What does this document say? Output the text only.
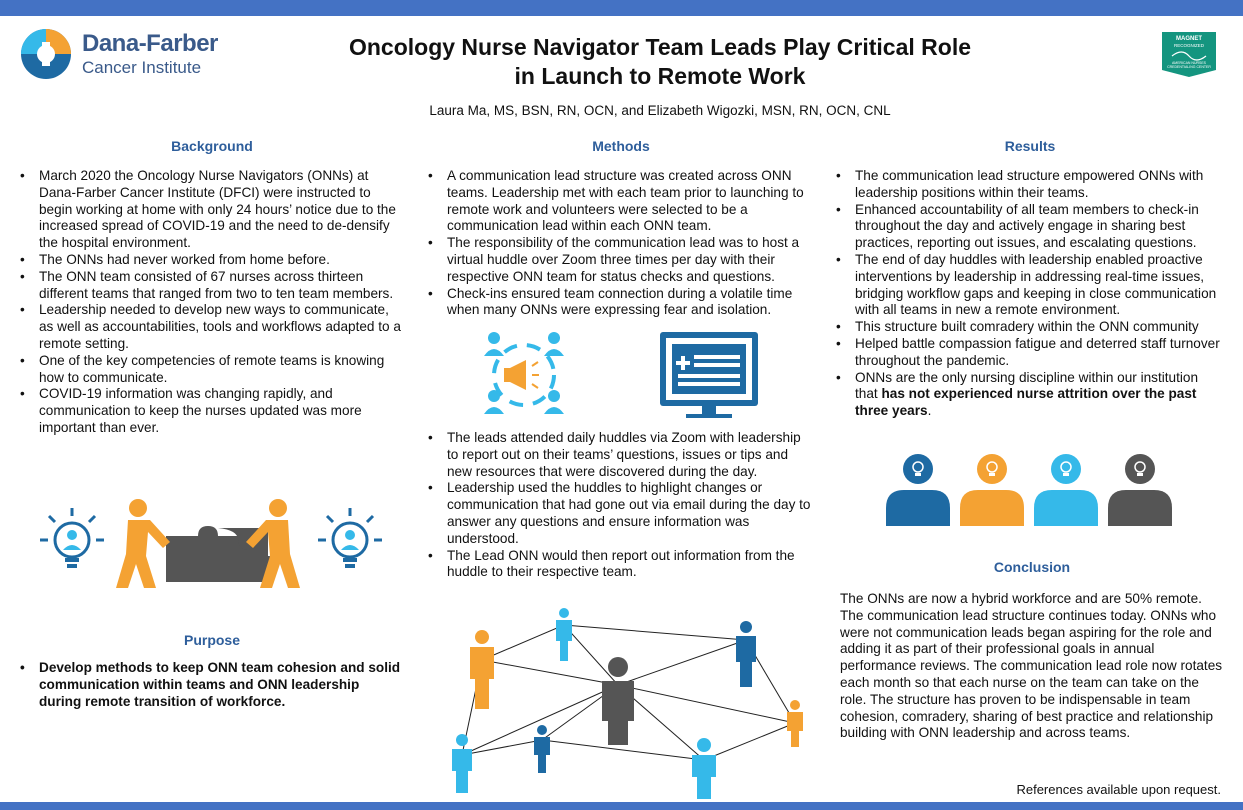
Dana-Farber
Cancer Institute
MAGNET
RECOGNIZED
AMERICAN NURSES CREDENTIALING CENTER
Oncology Nurse Navigator Team Leads Play Critical Role
in Launch to Remote Work
Laura Ma, MS, BSN, RN, OCN, and Elizabeth Wigozki, MSN, RN, OCN, CNL
Background
• March 2020 the Oncology Nurse Navigators (ONNs) at Dana-Farber Cancer Institute (DFCI) were instructed to begin working at home with only 24 hours’ notice due to the increased spread of COVID-19 and the need to de-densify the hospital environment.
• The ONNs had never worked from home before.
• The ONN team consisted of 67 nurses across thirteen different teams that ranged from two to ten team members.
• Leadership needed to develop new ways to communicate, as well as accountabilities, tools and workflows adapted to a remote setting.
• One of the key competencies of remote teams is knowing how to communicate.
• COVID-19 information was changing rapidly, and communication to keep the nurses updated was more important than ever.
Purpose
• Develop methods to keep ONN team cohesion and solid communication within teams and ONN leadership during remote transition of workforce.
Methods
• A communication lead structure was created across ONN teams. Leadership met with each team prior to launching to remote work and volunteers were selected to be a communication lead within each ONN team.
• The responsibility of the communication lead was to host a virtual huddle over Zoom three times per day with their respective ONN team for status checks and questions.
• Check-ins ensured team connection during a volatile time when many ONNs were expressing fear and isolation.
• The leads attended daily huddles via Zoom with leadership to report out on their teams’ questions, issues or tips and new resources that were discovered during the day.
• Leadership used the huddles to highlight changes or communication that had gone out via email during the day to answer any questions and ensure information was understood.
• The Lead ONN would then report out information from the huddle to their respective team.
Results
• The communication lead structure empowered ONNs with leadership positions within their teams.
• Enhanced accountability of all team members to check-in throughout the day and actively engage in sharing best practices, reporting out issues, and escalating questions.
• The end of day huddles with leadership enabled proactive interventions by leadership in addressing real-time issues, bridging workflow gaps and keeping in close communication with all teams in new a remote environment.
• This structure built comradery within the ONN community
• Helped battle compassion fatigue and deterred staff turnover throughout the pandemic.
• ONNs are the only nursing discipline within our institution that has not experienced nurse attrition over the past three years.
Conclusion
The ONNs are now a hybrid workforce and are 50% remote. The communication lead structure continues today. ONNs who were not communication leads began aspiring for the role and adding it as part of their professional goals in annual performance reviews. The communication lead role now rotates each month so that each nurse on the team can take on the role. The structure has proven to be indispensable in team cohesion, comradery, sharing of best practice and relationship building with ONN leadership and across teams.
References available upon request.
